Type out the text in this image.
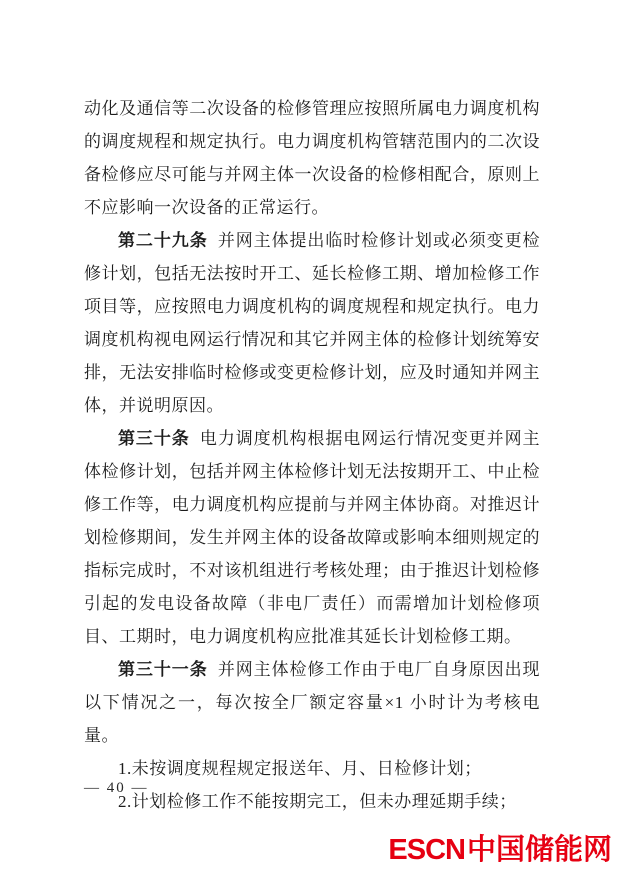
动化及通信等二次设备的检修管理应按照所属电力调度机构的调度规程和规定执行。电力调度机构管辖范围内的二次设备检修应尽可能与并网主体一次设备的检修相配合，原则上不应影响一次设备的正常运行。

第二十九条 并网主体提出临时检修计划或必须变更检修计划，包括无法按时开工、延长检修工期、增加检修工作项目等，应按照电力调度机构的调度规程和规定执行。电力调度机构视电网运行情况和其它并网主体的检修计划统筹安排，无法安排临时检修或变更检修计划，应及时通知并网主体，并说明原因。

第三十条 电力调度机构根据电网运行情况变更并网主体检修计划，包括并网主体检修计划无法按期开工、中止检修工作等，电力调度机构应提前与并网主体协商。对推迟计划检修期间，发生并网主体的设备故障或影响本细则规定的指标完成时，不对该机组进行考核处理；由于推迟计划检修引起的发电设备故障（非电厂责任）而需增加计划检修项目、工期时，电力调度机构应批准其延长计划检修工期。

第三十一条 并网主体检修工作由于电厂自身原因出现以下情况之一，每次按全厂额定容量×1 小时计为考核电量。

1.未按调度规程规定报送年、月、日检修计划；

2.计划检修工作不能按期完工，但未办理延期手续；

— 40 —
ESCN中国储能网
